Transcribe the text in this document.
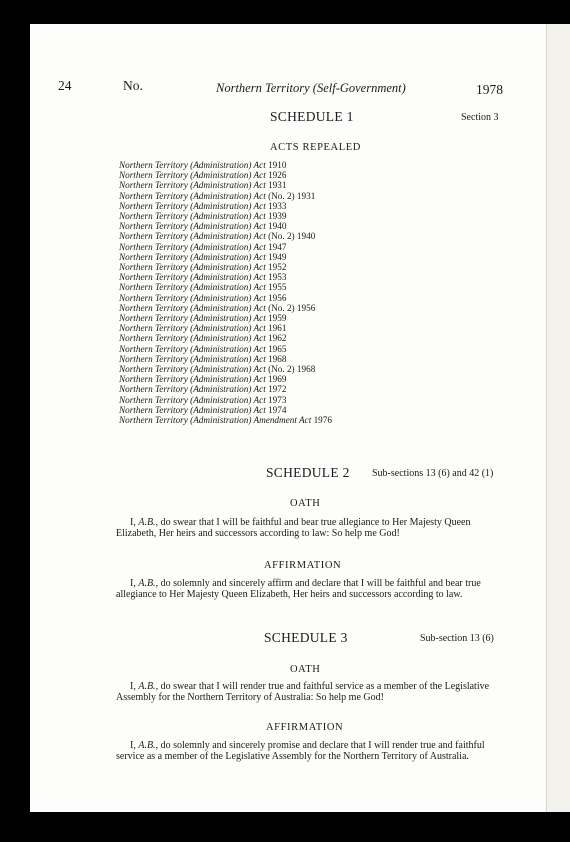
24	No.	Northern Territory (Self-Government)	1978
SCHEDULE 1	Section 3
ACTS REPEALED
Northern Territory (Administration) Act 1910
Northern Territory (Administration) Act 1926
Northern Territory (Administration) Act 1931
Northern Territory (Administration) Act (No. 2) 1931
Northern Territory (Administration) Act 1933
Northern Territory (Administration) Act 1939
Northern Territory (Administration) Act 1940
Northern Territory (Administration) Act (No. 2) 1940
Northern Territory (Administration) Act 1947
Northern Territory (Administration) Act 1949
Northern Territory (Administration) Act 1952
Northern Territory (Administration) Act 1953
Northern Territory (Administration) Act 1955
Northern Territory (Administration) Act 1956
Northern Territory (Administration) Act (No. 2) 1956
Northern Territory (Administration) Act 1959
Northern Territory (Administration) Act 1961
Northern Territory (Administration) Act 1962
Northern Territory (Administration) Act 1965
Northern Territory (Administration) Act 1968
Northern Territory (Administration) Act (No. 2) 1968
Northern Territory (Administration) Act 1969
Northern Territory (Administration) Act 1972
Northern Territory (Administration) Act 1973
Northern Territory (Administration) Act 1974
Northern Territory (Administration) Amendment Act 1976
SCHEDULE 2 Sub-sections 13 (6) and 42 (1)
OATH
I, A.B., do swear that I will be faithful and bear true allegiance to Her Majesty Queen
Elizabeth, Her heirs and successors according to law: So help me God!
AFFIRMATION
I, A.B., do solemnly and sincerely affirm and declare that I will be faithful and bear true
allegiance to Her Majesty Queen Elizabeth, Her heirs and successors according to law.
SCHEDULE 3	Sub-section 13 (6)
OATH
I, A.B., do swear that I will render true and faithful service as a member of the Legislative
Assembly for the Northern Territory of Australia: So help me God!
AFFIRMATION
I, A.B., do solemnly and sincerely promise and declare that I will render true and faithful
service as a member of the Legislative Assembly for the Northern Territory of Australia.
